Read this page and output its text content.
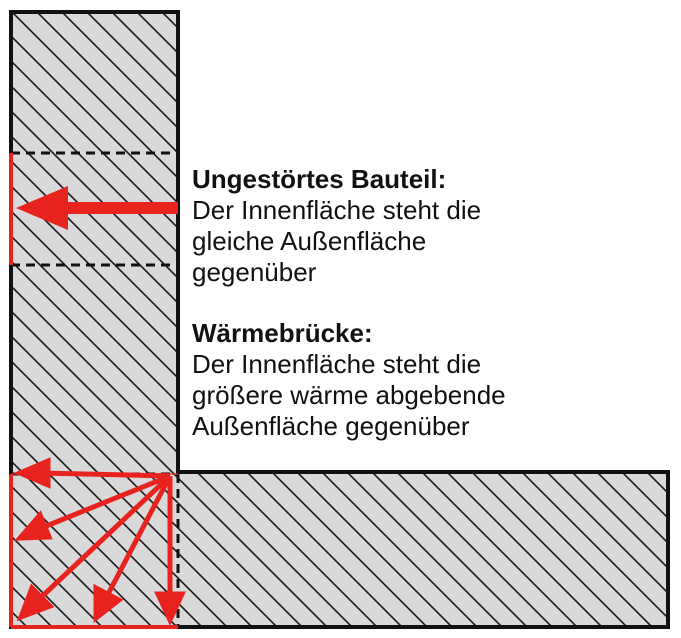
Ungestörtes Bauteil:
Der Innenfläche steht die
gleiche Außenfläche
gegenüber
Wärmebrücke:
Der Innenfläche steht die
größere wärme abgebende
Außenfläche gegenüber
